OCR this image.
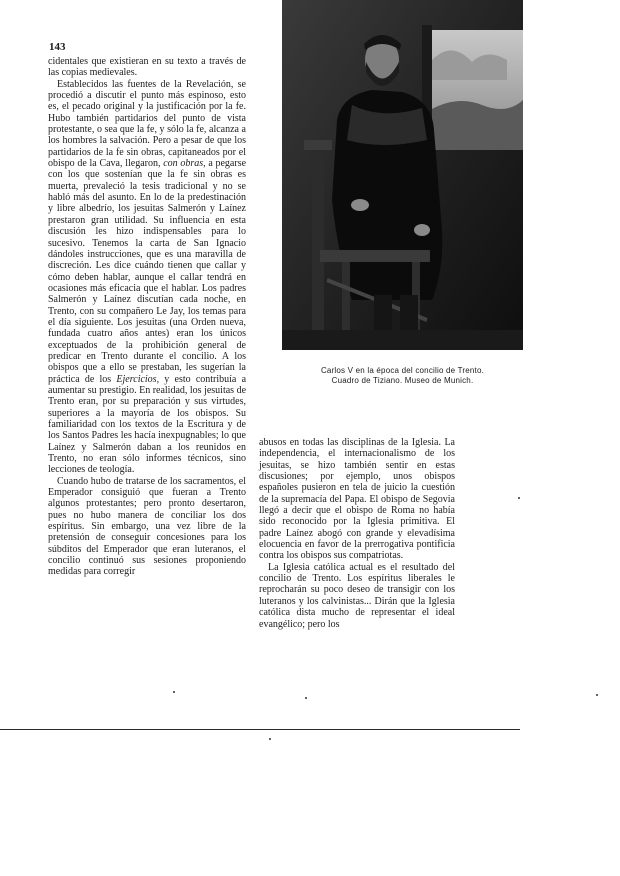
143

cidentales que existieran en su texto a través de las copias medievales.

Establecidos las fuentes de la Revelación, se procedió a discutir el punto más espinoso, esto es, el pecado original y la justificación por la fe. Hubo también partidarios del punto de vista protestante, o sea que la fe, y sólo la fe, alcanza a los hombres la salvación. Pero a pesar de que los partidarios de la fe sin obras, capitaneados por el obispo de la Cava, llegaron, con obras, a pegarse con los que sostenían que la fe sin obras es muerta, prevaleció la tesis tradicional y no se habló más del asunto. En lo de la predestinación y libre albedrío, los jesuitas Salmerón y Laínez prestaron gran utilidad. Su influencia en esta discusión les hizo indispensables para lo sucesivo. Tenemos la carta de San Ignacio dándoles instrucciones, que es una maravilla de discreción. Les dice cuándo tienen que callar y cómo deben hablar, aunque el callar tendrá en ocasiones más eficacia que el hablar. Los padres Salmerón y Laínez discutían cada noche, en Trento, con su compañero Le Jay, los temas para el día siguiente. Los jesuitas (una Orden nueva, fundada cuatro años antes) eran los únicos exceptuados de la prohibición general de predicar en Trento durante el concilio. A los obispos que a ello se prestaban, les sugerían la práctica de los Ejercicios, y esto contribuía a aumentar su prestigio. En realidad, los jesuitas de Trento eran, por su preparación y sus virtudes, superiores a la mayoría de los obispos. Su familiaridad con los textos de la Escritura y de los Santos Padres les hacía inexpugnables; lo que Laínez y Salmerón daban a los reunidos en Trento, no eran sólo informes técnicos, sino lecciones de teología.

Cuando hubo de tratarse de los sacramentos, el Emperador consiguió que fueran a Trento algunos protestantes; pero pronto desertaron, pues no hubo manera de conciliar los dos espíritus. Sin embargo, una vez libre de la pretensión de conseguir concesiones para los súbditos del Emperador que eran luteranos, el concilio continuó sus sesiones proponiendo medidas para corregir

Carlos V en la época del concilio de Trento.
Cuadro de Tiziano. Museo de Munich.

abusos en todas las disciplinas de la Iglesia. La independencia, el internacionalismo de los jesuitas, se hizo también sentir en estas discusiones; por ejemplo, unos obispos españoles pusieron en tela de juicio la cuestión de la supremacía del Papa. El obispo de Segovia llegó a decir que el obispo de Roma no había sido reconocido por la Iglesia primitiva. El padre Laínez abogó con grande y elevadísima elocuencia en favor de la prerrogativa pontificia contra los obispos sus compatriotas.

La Iglesia católica actual es el resultado del concilio de Trento. Los espíritus liberales le reprocharán su poco deseo de transigir con los luteranos y los calvinistas... Dirán que la Iglesia católica dista mucho de representar el ideal evangélico; pero los
